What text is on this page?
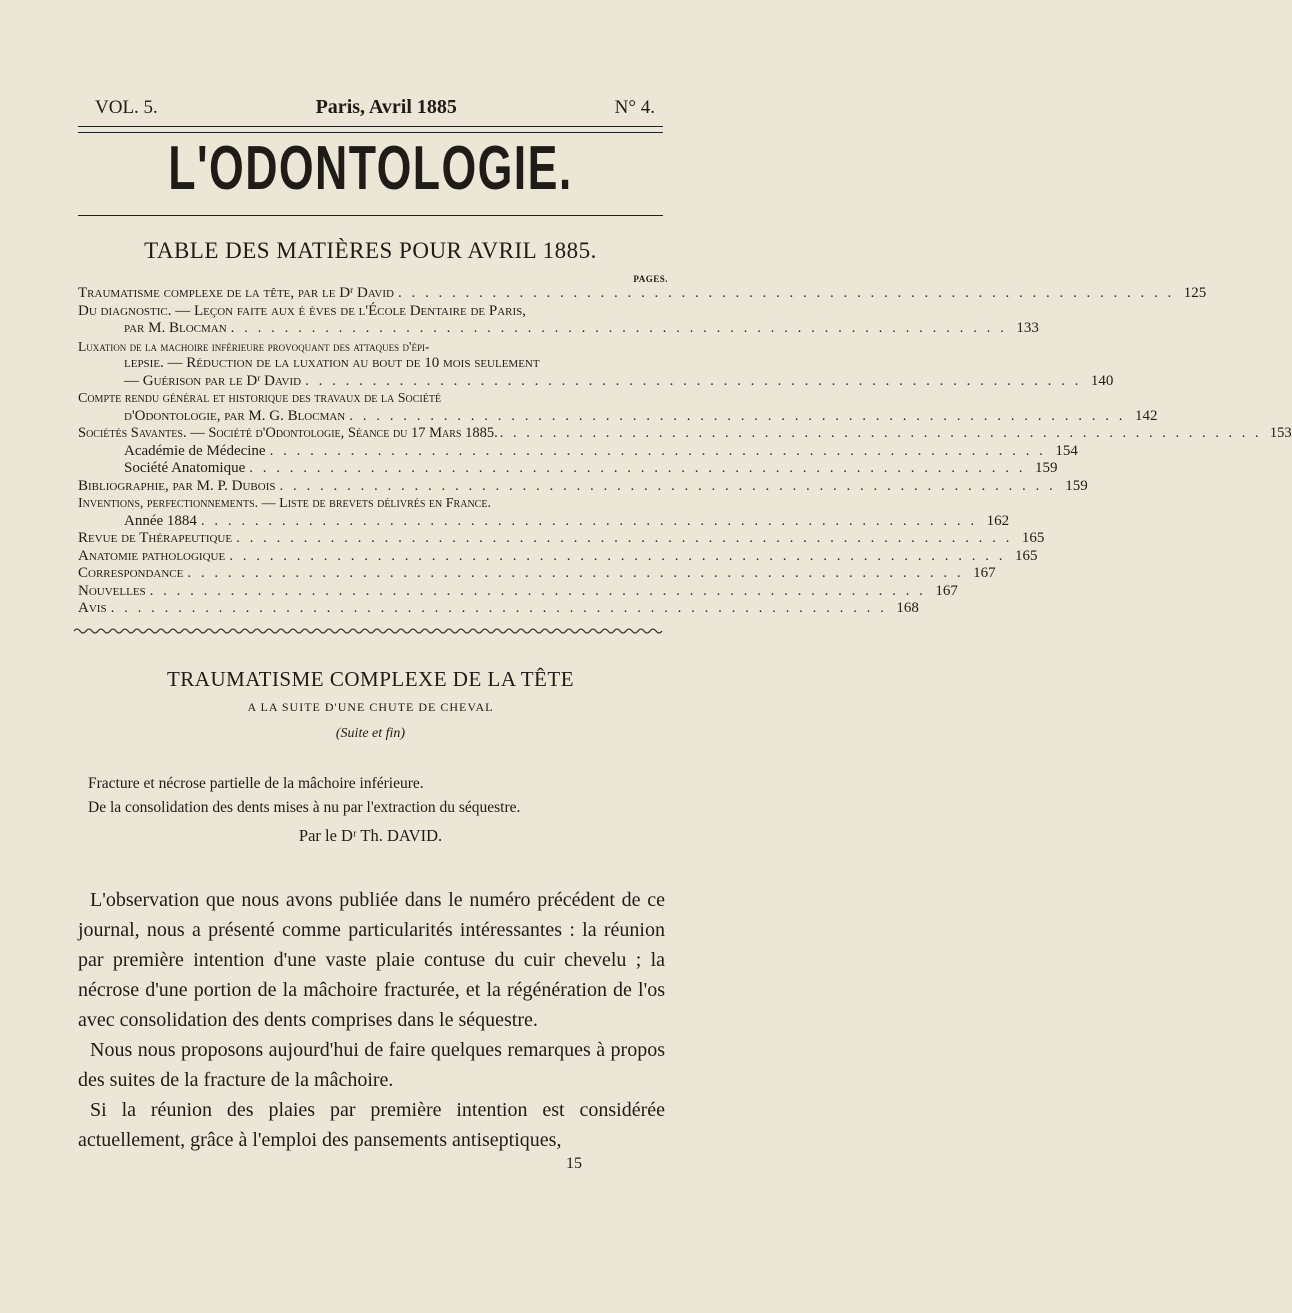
VOL. 5.	Paris, Avril 1885	N° 4.
L'ODONTOLOGIE.
TABLE DES MATIÈRES POUR AVRIL 1885.
PAGES.
Traumatisme complexe de la tête, par le Dʳ David . . .	125
Du diagnostic. — Leçon faite aux é èves de l'École Dentaire de Paris,
par M. Blocman . . .	133
Luxation de la machoire inférieure provoquant des attaques d'épi-
lepsie. — Réduction de la luxation au bout de 10 mois seulement
— Guérison par le Dʳ David . . .	140
Compte rendu général et historique des travaux de la Société
d'Odontologie, par M. G. Blocman . . .	142
Sociétés Savantes. — Société d'Odontologie, Séance du 17 Mars 1885. . . .	153
Académie de Médecine . . .	154
Société Anatomique . . .	159
Bibliographie, par M. P. Dubois . . .	159
Inventions, perfectionnements. — Liste de brevets délivrés en France.
Année 1884 . . .	162
Revue de Thérapeutique . . .	165
Anatomie pathologique . . .	165
Correspondance . . .	167
Nouvelles . . .	167
Avis . . .	168
TRAUMATISME COMPLEXE DE LA TÊTE
A LA SUITE D'UNE CHUTE DE CHEVAL
(Suite et fin)
Fracture et nécrose partielle de la mâchoire inférieure.
De la consolidation des dents mises à nu par l'extraction du séquestre.
Par le Dʳ Th. DAVID.

L'observation que nous avons publiée dans le numéro précédent de ce journal, nous a présenté comme particularités intéressantes : la réunion par première intention d'une vaste plaie contuse du cuir chevelu ; la nécrose d'une portion de la mâchoire fracturée, et la régénération de l'os avec consolidation des dents comprises dans le séquestre.

Nous nous proposons aujourd'hui de faire quelques remarques à propos des suites de la fracture de la mâchoire.

Si la réunion des plaies par première intention est considérée actuellement, grâce à l'emploi des pansements antiseptiques,

15
